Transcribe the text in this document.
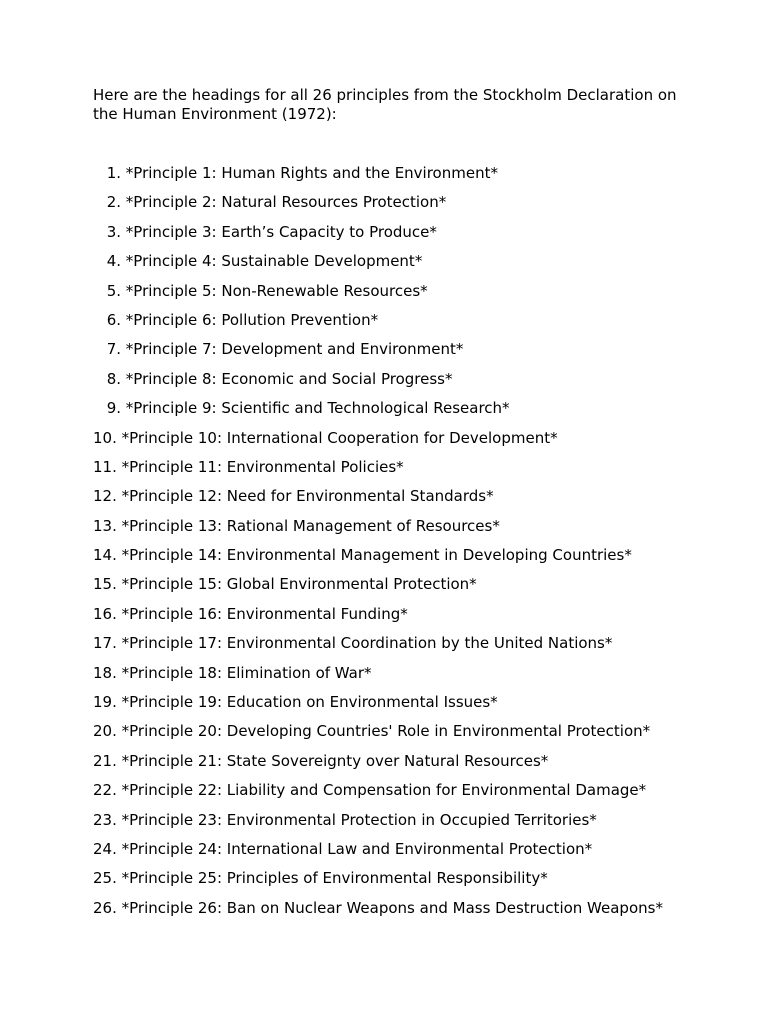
Here are the headings for all 26 principles from the Stockholm Declaration on the Human Environment (1972):

1. *Principle 1: Human Rights and the Environment*
2. *Principle 2: Natural Resources Protection*
3. *Principle 3: Earth’s Capacity to Produce*
4. *Principle 4: Sustainable Development*
5. *Principle 5: Non-Renewable Resources*
6. *Principle 6: Pollution Prevention*
7. *Principle 7: Development and Environment*
8. *Principle 8: Economic and Social Progress*
9. *Principle 9: Scientific and Technological Research*
10. *Principle 10: International Cooperation for Development*
11. *Principle 11: Environmental Policies*
12. *Principle 12: Need for Environmental Standards*
13. *Principle 13: Rational Management of Resources*
14. *Principle 14: Environmental Management in Developing Countries*
15. *Principle 15: Global Environmental Protection*
16. *Principle 16: Environmental Funding*
17. *Principle 17: Environmental Coordination by the United Nations*
18. *Principle 18: Elimination of War*
19. *Principle 19: Education on Environmental Issues*
20. *Principle 20: Developing Countries' Role in Environmental Protection*
21. *Principle 21: State Sovereignty over Natural Resources*
22. *Principle 22: Liability and Compensation for Environmental Damage*
23. *Principle 23: Environmental Protection in Occupied Territories*
24. *Principle 24: International Law and Environmental Protection*
25. *Principle 25: Principles of Environmental Responsibility*
26. *Principle 26: Ban on Nuclear Weapons and Mass Destruction Weapons*
